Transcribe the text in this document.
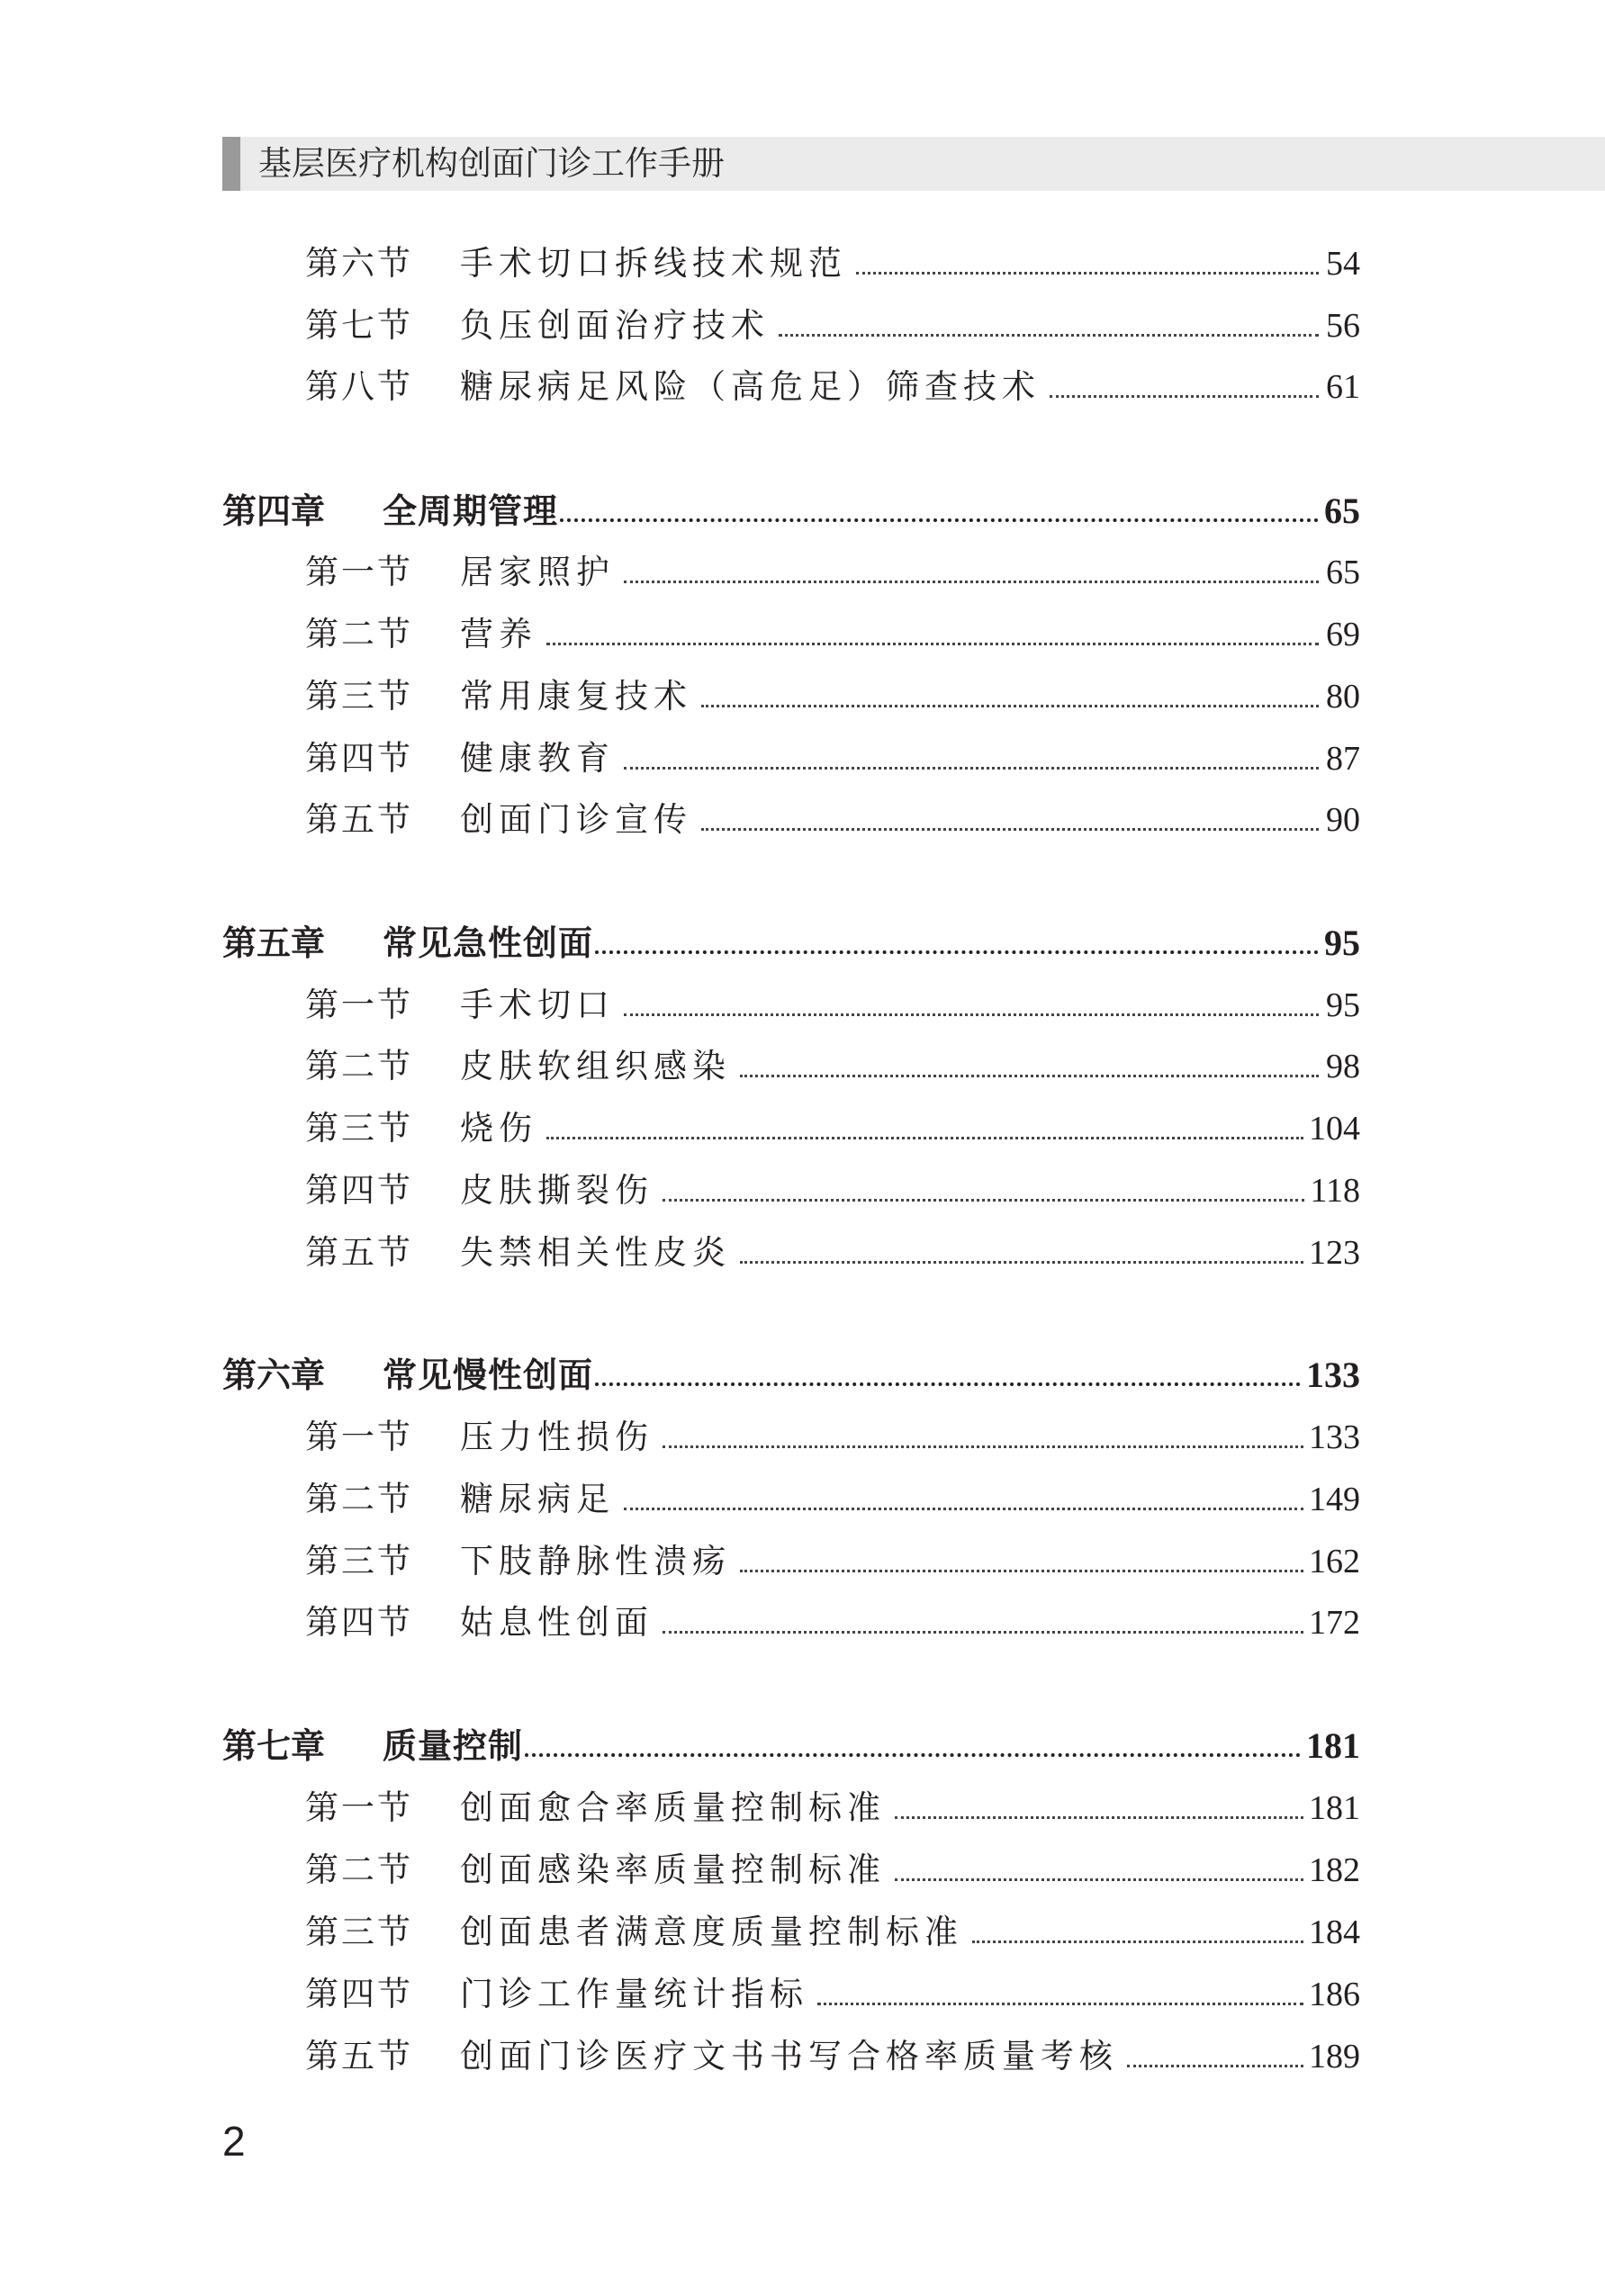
基层医疗机构创面门诊工作手册
第六节	手术切口拆线技术规范	54
第七节	负压创面治疗技术	56
第八节	糖尿病足风险（高危足）筛查技术	61
第四章	全周期管理	65
第一节	居家照护	65
第二节	营养	69
第三节	常用康复技术	80
第四节	健康教育	87
第五节	创面门诊宣传	90
第五章	常见急性创面	95
第一节	手术切口	95
第二节	皮肤软组织感染	98
第三节	烧伤	104
第四节	皮肤撕裂伤	118
第五节	失禁相关性皮炎	123
第六章	常见慢性创面	133
第一节	压力性损伤	133
第二节	糖尿病足	149
第三节	下肢静脉性溃疡	162
第四节	姑息性创面	172
第七章	质量控制	181
第一节	创面愈合率质量控制标准	181
第二节	创面感染率质量控制标准	182
第三节	创面患者满意度质量控制标准	184
第四节	门诊工作量统计指标	186
第五节	创面门诊医疗文书书写合格率质量考核	189
2
